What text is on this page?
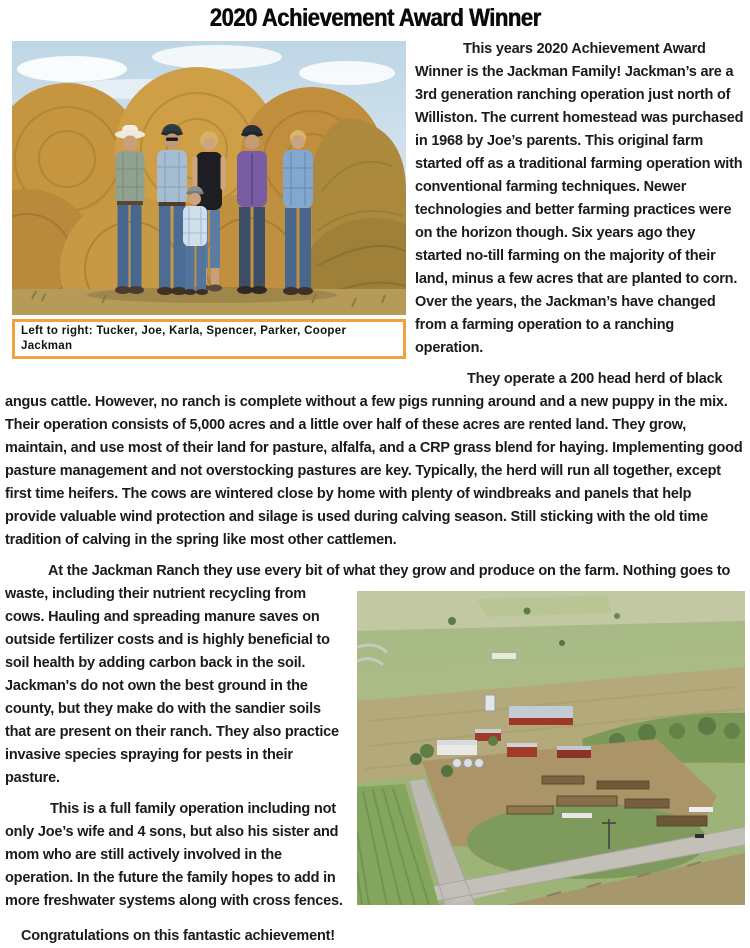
2020 Achievement Award Winner
Left to right: Tucker, Joe, Karla, Spencer, Parker, Cooper Jackman

This years 2020 Achievement Award Winner is the Jackman Family! Jackman’s are a 3rd generation ranching operation just north of Williston. The current homestead was purchased in 1968 by Joe’s parents. This original farm started off as a traditional farming operation with conventional farming techniques. Newer technologies and better farming practices were on the horizon though. Six years ago they started no-till farming on the majority of their land, minus a few acres that are planted to corn. Over the years, the Jackman’s have changed from a farming operation to a ranching operation.

They operate a 200 head herd of black angus cattle. However, no ranch is complete without a few pigs running around and a new puppy in the mix. Their operation consists of 5,000 acres and a little over half of these acres are rented land. They grow, maintain, and use most of their land for pasture, alfalfa, and a CRP grass blend for haying. Implementing good pasture management and not overstocking pastures are key. Typically, the herd will run all together, except first time heifers. The cows are wintered close by home with plenty of windbreaks and panels that help provide valuable wind protection and silage is used during calving season. Still sticking with the old time tradition of calving in the spring like most other cattlemen.

At the Jackman Ranch they use every bit of what they grow and produce on the farm. Nothing goes to waste,
including their nutrient recycling from cows. Hauling and spreading manure saves on outside fertilizer costs and is highly beneficial to soil health by adding carbon back in the soil. Jackman's do not own the best ground in the county, but they make do with the sandier soils that are present on their ranch. They also practice invasive species spraying for pests in their pasture.

This is a full family operation including not only Joe’s wife and 4 sons, but also his sister and mom who are still actively involved in the operation. In the future the family hopes to add in more freshwater systems along with cross fences.

Congratulations on this fantastic achievement!
